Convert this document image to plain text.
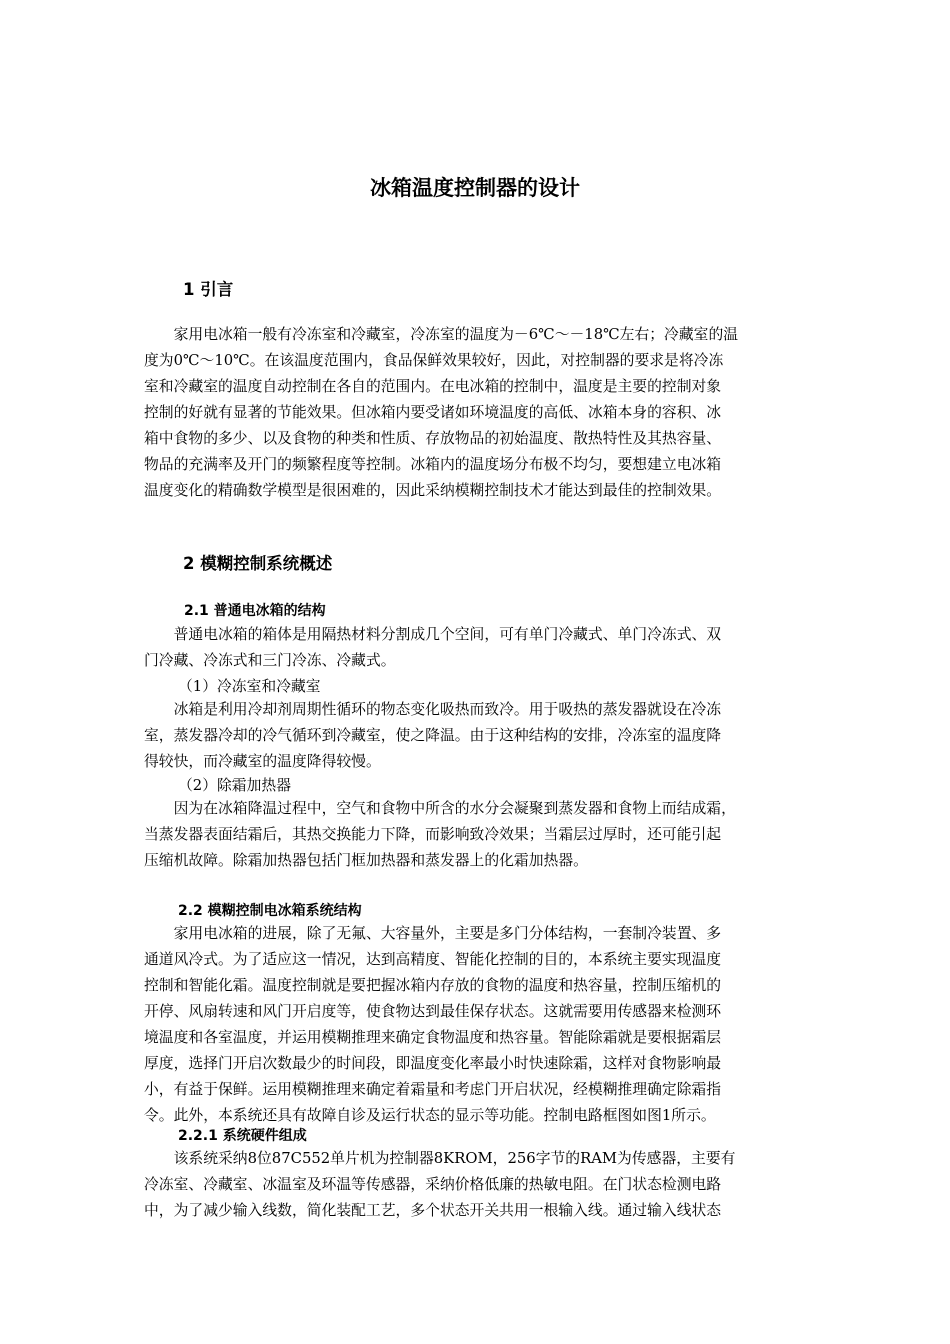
冰箱温度控制器的设计
1 引言
　　家用电冰箱一般有冷冻室和冷藏室，冷冻室的温度为－6℃～－18℃左右；冷藏室的温
度为0℃～10℃。在该温度范围内，食品保鲜效果较好，因此，对控制器的要求是将冷冻
室和冷藏室的温度自动控制在各自的范围内。在电冰箱的控制中，温度是主要的控制对象
控制的好就有显著的节能效果。但冰箱内要受诸如环境温度的高低、冰箱本身的容积、冰
箱中食物的多少、以及食物的种类和性质、存放物品的初始温度、散热特性及其热容量、
物品的充满率及开门的频繁程度等控制。冰箱内的温度场分布极不均匀，要想建立电冰箱
温度变化的精确数学模型是很困难的，因此采纳模糊控制技术才能达到最佳的控制效果。
2 模糊控制系统概述
2.1 普通电冰箱的结构
　　普通电冰箱的箱体是用隔热材料分割成几个空间，可有单门冷藏式、单门冷冻式、双
门冷藏、冷冻式和三门冷冻、冷藏式。
（1）冷冻室和冷藏室
　　冰箱是利用冷却剂周期性循环的物态变化吸热而致冷。用于吸热的蒸发器就设在冷冻
室，蒸发器冷却的冷气循环到冷藏室，使之降温。由于这种结构的安排，冷冻室的温度降
得较快，而冷藏室的温度降得较慢。
（2）除霜加热器
　　因为在冰箱降温过程中，空气和食物中所含的水分会凝聚到蒸发器和食物上而结成霜，
当蒸发器表面结霜后，其热交换能力下降，而影响致冷效果；当霜层过厚时，还可能引起
压缩机故障。除霜加热器包括门框加热器和蒸发器上的化霜加热器。
2.2 模糊控制电冰箱系统结构
　　家用电冰箱的进展，除了无氟、大容量外，主要是多门分体结构，一套制冷装置、多
通道风冷式。为了适应这一情况，达到高精度、智能化控制的目的，本系统主要实现温度
控制和智能化霜。温度控制就是要把握冰箱内存放的食物的温度和热容量，控制压缩机的
开停、风扇转速和风门开启度等，使食物达到最佳保存状态。这就需要用传感器来检测环
境温度和各室温度，并运用模糊推理来确定食物温度和热容量。智能除霜就是要根据霜层
厚度，选择门开启次数最少的时间段，即温度变化率最小时快速除霜，这样对食物影响最
小，有益于保鲜。运用模糊推理来确定着霜量和考虑门开启状况，经模糊推理确定除霜指
令。此外，本系统还具有故障自诊及运行状态的显示等功能。控制电路框图如图1所示。
2.2.1 系统硬件组成
　　该系统采纳8位87C552单片机为控制器8KROM，256字节的RAM为传感器，主要有
冷冻室、冷藏室、冰温室及环温等传感器，采纳价格低廉的热敏电阻。在门状态检测电路
中，为了减少输入线数，简化装配工艺，多个状态开关共用一根输入线。通过输入线状态
